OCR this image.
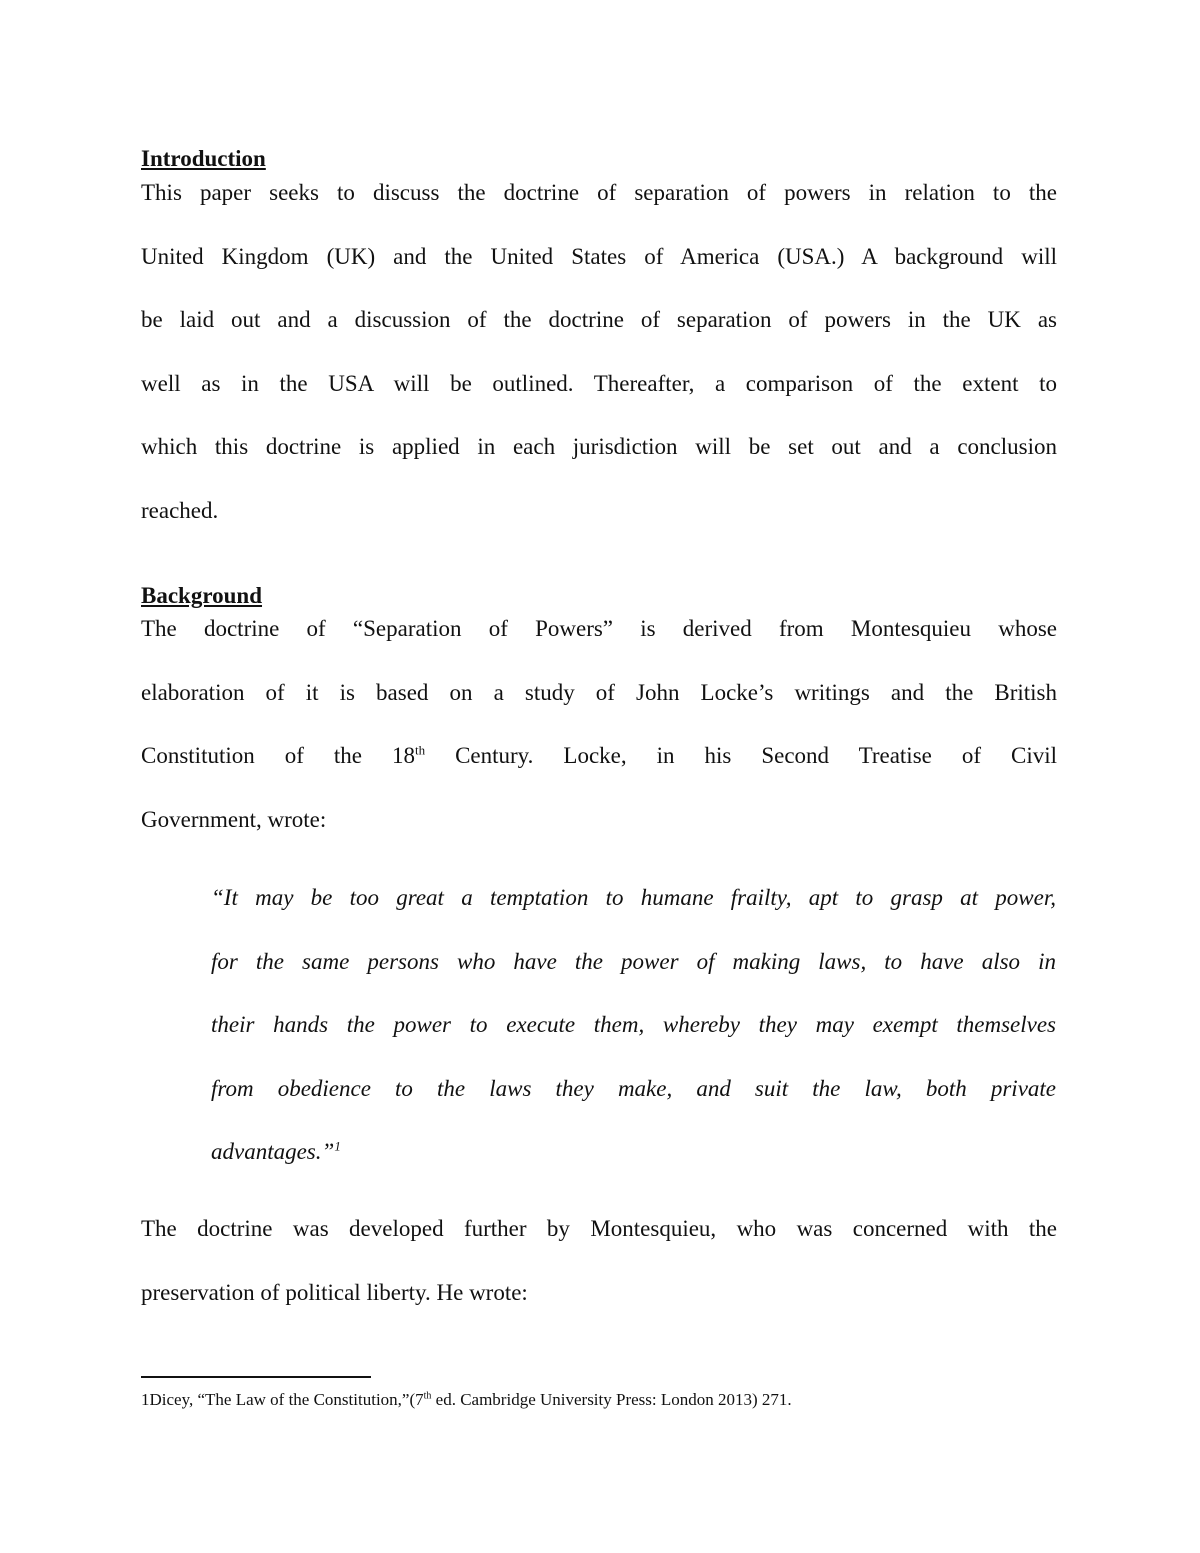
Introduction
This paper seeks to discuss the doctrine of separation of powers in relation to the
United Kingdom (UK) and the United States of America (USA.) A background will
be laid out and a discussion of the doctrine of separation of powers in the UK as
well as in the USA will be outlined. Thereafter, a comparison of the extent to
which this doctrine is applied in each jurisdiction will be set out and a conclusion
reached.
Background
The doctrine of “Separation of Powers” is derived from Montesquieu whose
elaboration of it is based on a study of John Locke’s writings and the British
Constitution of the 18th Century. Locke, in his Second Treatise of Civil
Government, wrote:
“It may be too great a temptation to humane frailty, apt to grasp at power,
for the same persons who have the power of making laws, to have also in
their hands the power to execute them, whereby they may exempt themselves
from obedience to the laws they make, and suit the law, both private
advantages.”$^1$
The doctrine was developed further by Montesquieu, who was concerned with the
preservation of political liberty. He wrote:

1Dicey, “The Law of the Constitution,”(7th ed. Cambridge University Press: London 2013) 271.
